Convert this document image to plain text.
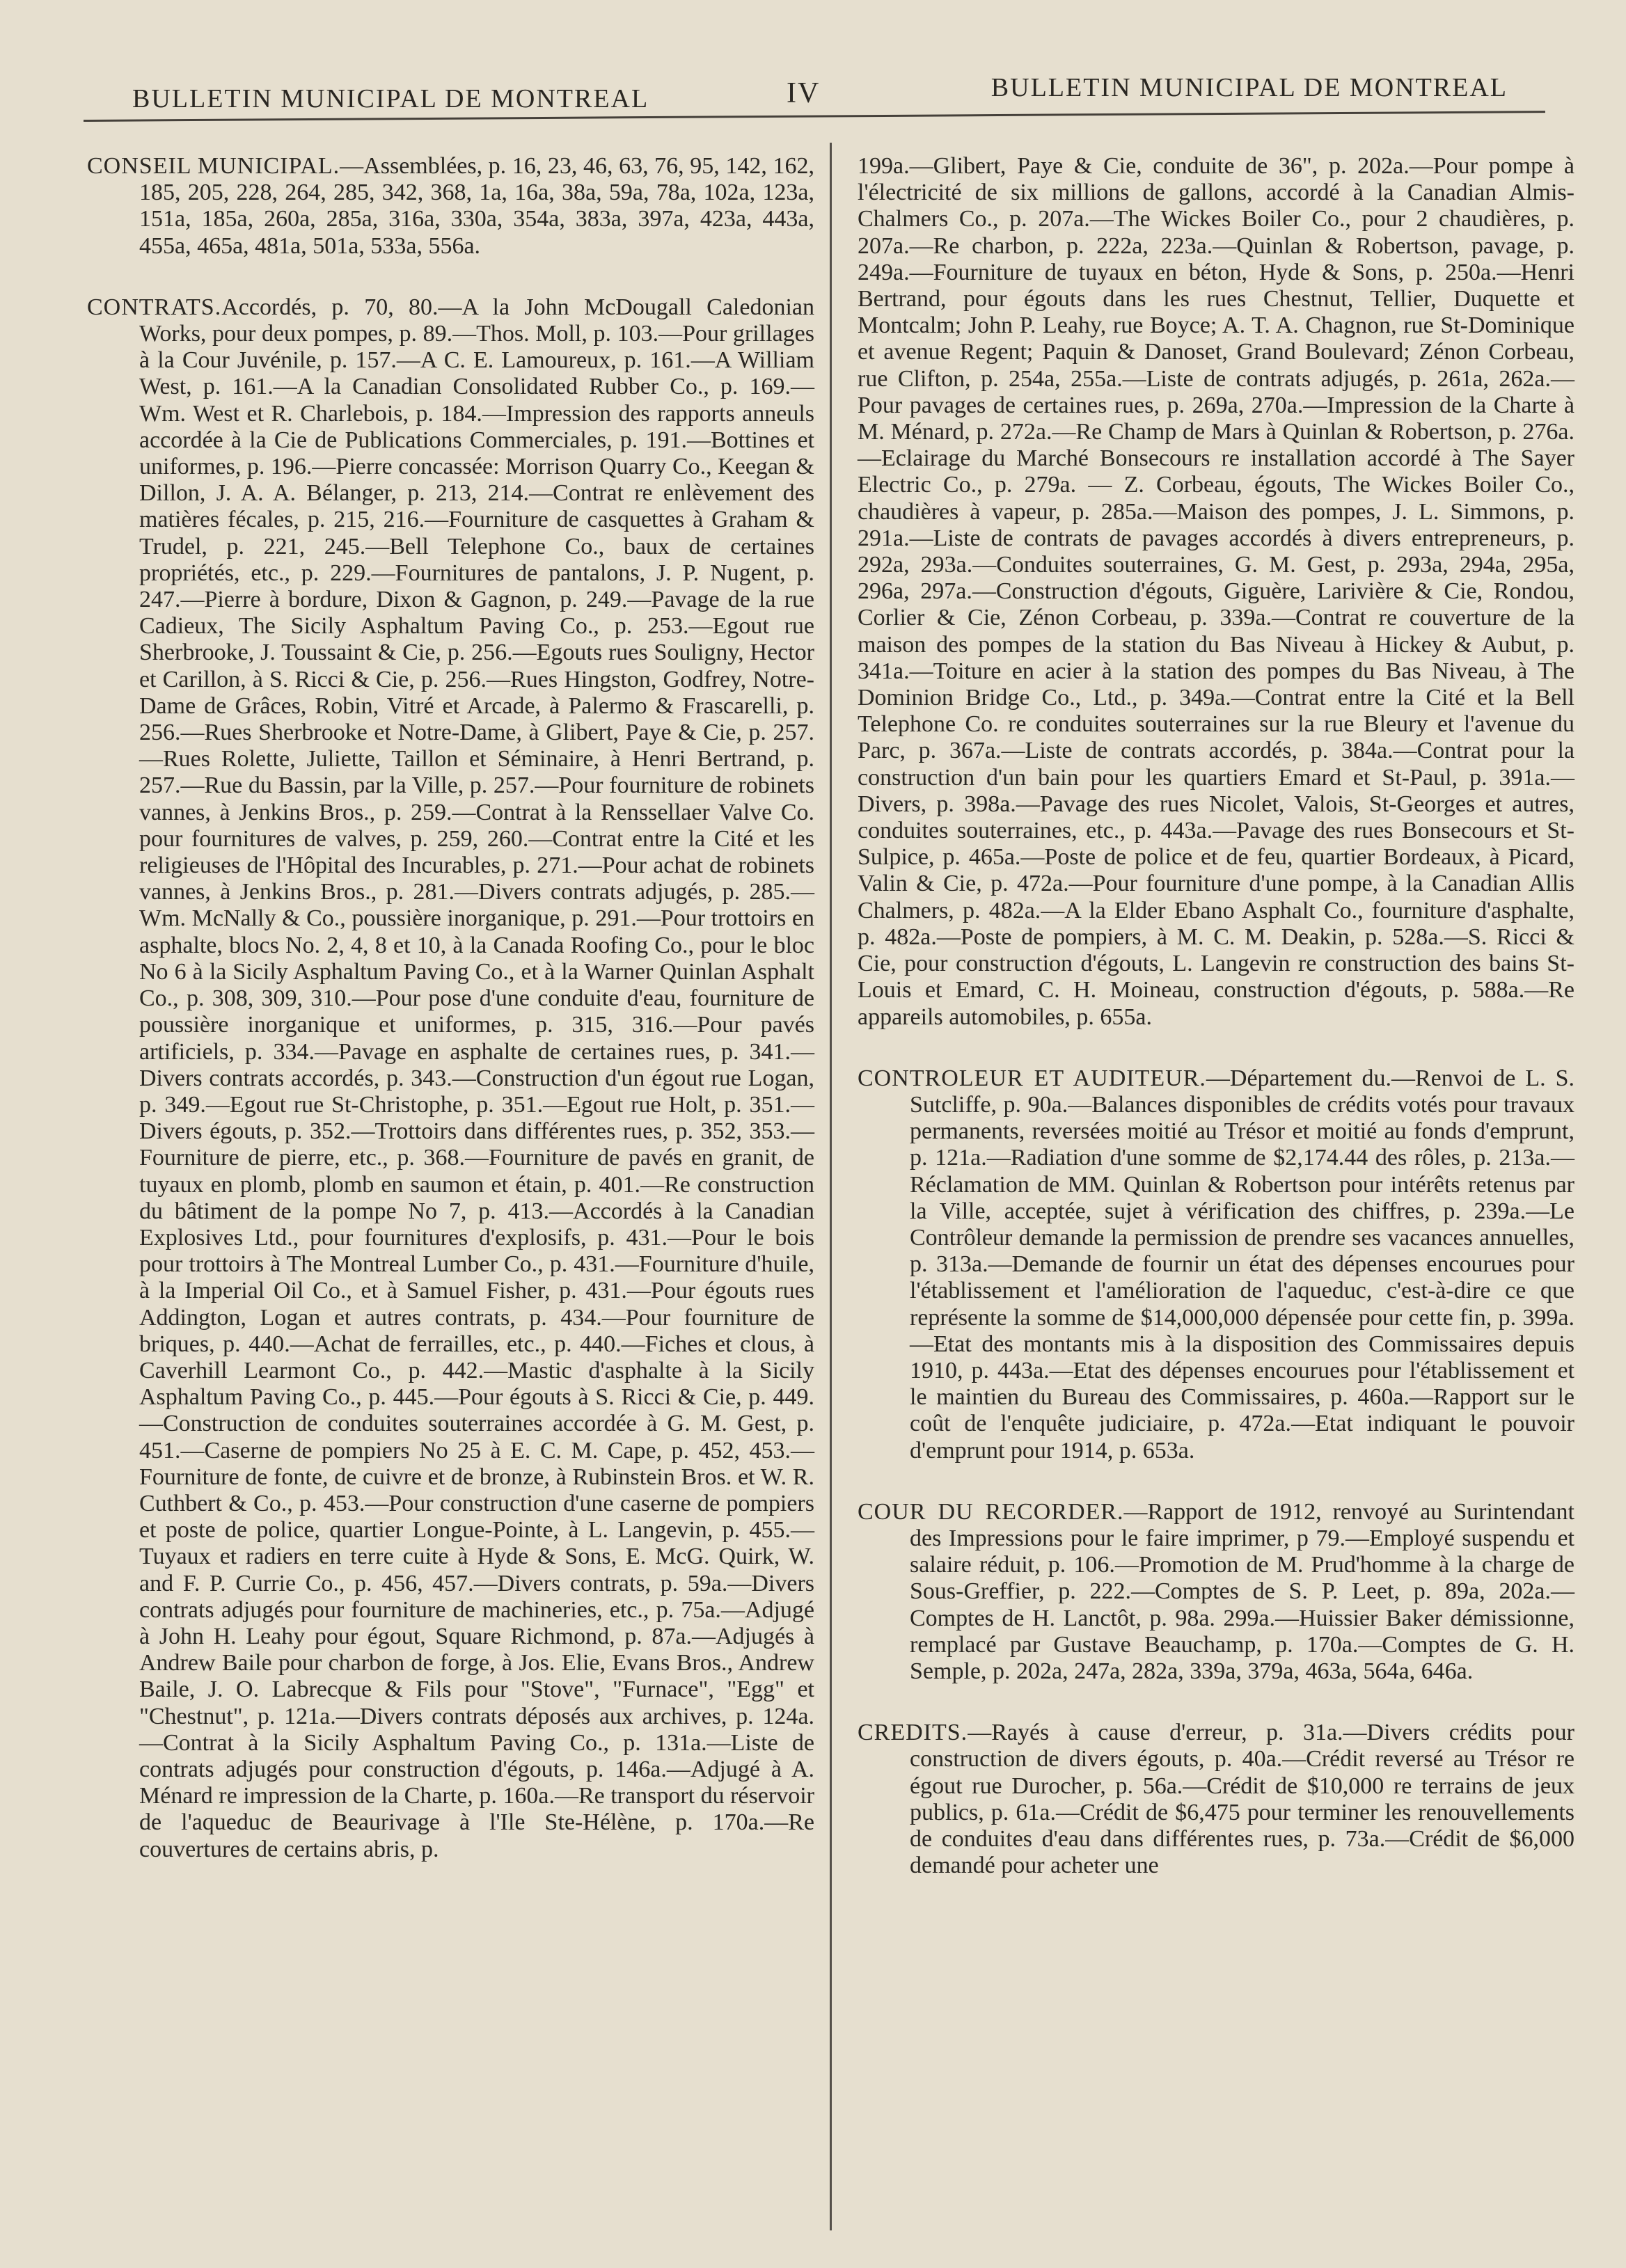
BULLETIN MUNICIPAL DE MONTREAL	IV	BULLETIN MUNICIPAL DE MONTREAL

CONSEIL MUNICIPAL.—Assemblées, p. 16, 23, 46, 63, 76, 95, 142, 162, 185, 205, 228, 264, 285, 342, 368, 1a, 16a, 38a, 59a, 78a, 102a, 123a, 151a, 185a, 260a, 285a, 316a, 330a, 354a, 383a, 397a, 423a, 443a, 455a, 465a, 481a, 501a, 533a, 556a.

CONTRATS.Accordés, p. 70, 80.—A la John McDougall Caledonian Works, pour deux pompes, p. 89.—Thos. Moll, p. 103.—Pour grillages à la Cour Juvénile, p. 157.—A C. E. Lamoureux, p. 161.—A William West, p. 161.—A la Canadian Consolidated Rubber Co., p. 169.— Wm. West et R. Charlebois, p. 184.—Impression des rapports anneuls accordée à la Cie de Publications Commerciales, p. 191.—Bottines et uniformes, p. 196.—Pierre concassée: Morrison Quarry Co., Keegan & Dillon, J. A. A. Bélanger, p. 213, 214.—Contrat re enlèvement des matières fécales, p. 215, 216.—Fourniture de casquettes à Graham & Trudel, p. 221, 245.—Bell Telephone Co., baux de certaines propriétés, etc., p. 229.—Fournitures de pantalons, J. P. Nugent, p. 247.—Pierre à bordure, Dixon & Gagnon, p. 249.—Pavage de la rue Cadieux, The Sicily Asphaltum Paving Co., p. 253.—Egout rue Sherbrooke, J. Toussaint & Cie, p. 256.—Egouts rues Souligny, Hector et Carillon, à S. Ricci & Cie, p. 256.—Rues Hingston, Godfrey, Notre-Dame de Grâces, Robin, Vitré et Arcade, à Palermo & Frascarelli, p. 256.—Rues Sherbrooke et Notre-Dame, à Glibert, Paye & Cie, p. 257.—Rues Rolette, Juliette, Taillon et Séminaire, à Henri Bertrand, p. 257.—Rue du Bassin, par la Ville, p. 257.—Pour fourniture de robinets vannes, à Jenkins Bros., p. 259.—Contrat à la Renssellaer Valve Co. pour fournitures de valves, p. 259, 260.—Contrat entre la Cité et les religieuses de l'Hôpital des Incurables, p. 271.—Pour achat de robinets vannes, à Jenkins Bros., p. 281.—Divers contrats adjugés, p. 285.—Wm. McNally & Co., poussière inorganique, p. 291.—Pour trottoirs en asphalte, blocs No. 2, 4, 8 et 10, à la Canada Roofing Co., pour le bloc No 6 à la Sicily Asphaltum Paving Co., et à la Warner Quinlan Asphalt Co., p. 308, 309, 310.—Pour pose d'une conduite d'eau, fourniture de poussière inorganique et uniformes, p. 315, 316.—Pour pavés artificiels, p. 334.—Pavage en asphalte de certaines rues, p. 341.—Divers contrats accordés, p. 343.—Construction d'un égout rue Logan, p. 349.—Egout rue St-Christophe, p. 351.—Egout rue Holt, p. 351.—Divers égouts, p. 352.—Trottoirs dans différentes rues, p. 352, 353.—Fourniture de pierre, etc., p. 368.—Fourniture de pavés en granit, de tuyaux en plomb, plomb en saumon et étain, p. 401.—Re construction du bâtiment de la pompe No 7, p. 413.—Accordés à la Canadian Explosives Ltd., pour fournitures d'explosifs, p. 431.—Pour le bois pour trottoirs à The Montreal Lumber Co., p. 431.—Fourniture d'huile, à la Imperial Oil Co., et à Samuel Fisher, p. 431.—Pour égouts rues Addington, Logan et autres contrats, p. 434.—Pour fourniture de briques, p. 440.—Achat de ferrailles, etc., p. 440.—Fiches et clous, à Caverhill Learmont Co., p. 442.—Mastic d'asphalte à la Sicily Asphaltum Paving Co., p. 445.—Pour égouts à S. Ricci & Cie, p. 449.—Construction de conduites souterraines accordée à G. M. Gest, p. 451.—Caserne de pompiers No 25 à E. C. M. Cape, p. 452, 453.—Fourniture de fonte, de cuivre et de bronze, à Rubinstein Bros. et W. R. Cuthbert & Co., p. 453.—Pour construction d'une caserne de pompiers et poste de police, quartier Longue-Pointe, à L. Langevin, p. 455.—Tuyaux et radiers en terre cuite à Hyde & Sons, E. McG. Quirk, W. and F. P. Currie Co., p. 456, 457.—Divers contrats, p. 59a.—Divers contrats adjugés pour fourniture de machineries, etc., p. 75a.—Adjugé à John H. Leahy pour égout, Square Richmond, p. 87a.—Adjugés à Andrew Baile pour charbon de forge, à Jos. Elie, Evans Bros., Andrew Baile, J. O. Labrecque & Fils pour "Stove", "Furnace", "Egg" et "Chestnut", p. 121a.—Divers contrats déposés aux archives, p. 124a.—Contrat à la Sicily Asphaltum Paving Co., p. 131a.—Liste de contrats adjugés pour construction d'égouts, p. 146a.—Adjugé à A. Ménard re impression de la Charte, p. 160a.—Re transport du réservoir de l'aqueduc de Beaurivage à l'Ile Ste-Hélène, p. 170a.—Re couvertures de certains abris, p.

199a.—Glibert, Paye & Cie, conduite de 36", p. 202a.—Pour pompe à l'électricité de six millions de gallons, accordé à la Canadian Almis-Chalmers Co., p. 207a.—The Wickes Boiler Co., pour 2 chaudières, p. 207a.—Re charbon, p. 222a, 223a.—Quinlan & Robertson, pavage, p. 249a.—Fourniture de tuyaux en béton, Hyde & Sons, p. 250a.—Henri Bertrand, pour égouts dans les rues Chestnut, Tellier, Duquette et Montcalm; John P. Leahy, rue Boyce; A. T. A. Chagnon, rue St-Dominique et avenue Regent; Paquin & Danoset, Grand Boulevard; Zénon Corbeau, rue Clifton, p. 254a, 255a.—Liste de contrats adjugés, p. 261a, 262a.—Pour pavages de certaines rues, p. 269a, 270a.—Impression de la Charte à M. Ménard, p. 272a.—Re Champ de Mars à Quinlan & Robertson, p. 276a.—Eclairage du Marché Bonsecours re installation accordé à The Sayer Electric Co., p. 279a. — Z. Corbeau, égouts, The Wickes Boiler Co., chaudières à vapeur, p. 285a.—Maison des pompes, J. L. Simmons, p. 291a.—Liste de contrats de pavages accordés à divers entrepreneurs, p. 292a, 293a.—Conduites souterraines, G. M. Gest, p. 293a, 294a, 295a, 296a, 297a.—Construction d'égouts, Giguère, Larivière & Cie, Rondou, Corlier & Cie, Zénon Corbeau, p. 339a.—Contrat re couverture de la maison des pompes de la station du Bas Niveau à Hickey & Aubut, p. 341a.—Toiture en acier à la station des pompes du Bas Niveau, à The Dominion Bridge Co., Ltd., p. 349a.—Contrat entre la Cité et la Bell Telephone Co. re conduites souterraines sur la rue Bleury et l'avenue du Parc, p. 367a.—Liste de contrats accordés, p. 384a.—Contrat pour la construction d'un bain pour les quartiers Emard et St-Paul, p. 391a.—Divers, p. 398a.—Pavage des rues Nicolet, Valois, St-Georges et autres, conduites souterraines, etc., p. 443a.—Pavage des rues Bonsecours et St-Sulpice, p. 465a.—Poste de police et de feu, quartier Bordeaux, à Picard, Valin & Cie, p. 472a.—Pour fourniture d'une pompe, à la Canadian Allis Chalmers, p. 482a.—A la Elder Ebano Asphalt Co., fourniture d'asphalte, p. 482a.—Poste de pompiers, à M. C. M. Deakin, p. 528a.—S. Ricci & Cie, pour construction d'égouts, L. Langevin re construction des bains St-Louis et Emard, C. H. Moineau, construction d'égouts, p. 588a.—Re appareils automobiles, p. 655a.

CONTROLEUR ET AUDITEUR.—Département du.—Renvoi de L. S. Sutcliffe, p. 90a.—Balances disponibles de crédits votés pour travaux permanents, reversées moitié au Trésor et moitié au fonds d'emprunt, p. 121a.—Radiation d'une somme de $2,174.44 des rôles, p. 213a.—Réclamation de MM. Quinlan & Robertson pour intérêts retenus par la Ville, acceptée, sujet à vérification des chiffres, p. 239a.—Le Contrôleur demande la permission de prendre ses vacances annuelles, p. 313a.—Demande de fournir un état des dépenses encourues pour l'établissement et l'amélioration de l'aqueduc, c'est-à-dire ce que représente la somme de $14,000,000 dépensée pour cette fin, p. 399a.—Etat des montants mis à la disposition des Commissaires depuis 1910, p. 443a.—Etat des dépenses encourues pour l'établissement et le maintien du Bureau des Commissaires, p. 460a.—Rapport sur le coût de l'enquête judiciaire, p. 472a.—Etat indiquant le pouvoir d'emprunt pour 1914, p. 653a.

COUR DU RECORDER.—Rapport de 1912, renvoyé au Surintendant des Impressions pour le faire imprimer, p 79.—Employé suspendu et salaire réduit, p. 106.—Promotion de M. Prud'homme à la charge de Sous-Greffier, p. 222.—Comptes de S. P. Leet, p. 89a, 202a.—Comptes de H. Lanctôt, p. 98a. 299a.—Huissier Baker démissionne, remplacé par Gustave Beauchamp, p. 170a.—Comptes de G. H. Semple, p. 202a, 247a, 282a, 339a, 379a, 463a, 564a, 646a.

CREDITS.—Rayés à cause d'erreur, p. 31a.—Divers crédits pour construction de divers égouts, p. 40a.—Crédit reversé au Trésor re égout rue Durocher, p. 56a.—Crédit de $10,000 re terrains de jeux publics, p. 61a.—Crédit de $6,475 pour terminer les renouvellements de conduites d'eau dans différentes rues, p. 73a.—Crédit de $6,000 demandé pour acheter une
